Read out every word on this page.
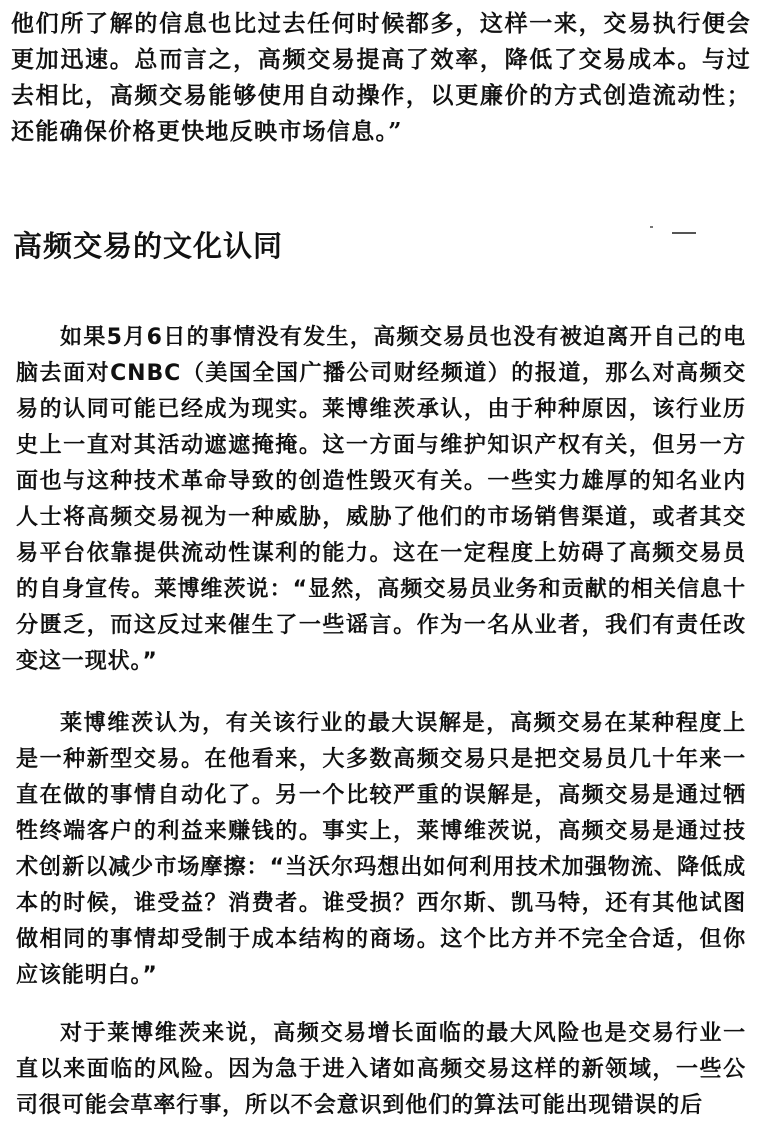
他们所了解的信息也比过去任何时候都多，这样一来，交易执行便会更加迅速。总而言之，高频交易提高了效率，降低了交易成本。与过去相比，高频交易能够使用自动操作，以更廉价的方式创造流动性；还能确保价格更快地反映市场信息。”

高频交易的文化认同

如果5月6日的事情没有发生，高频交易员也没有被迫离开自己的电脑去面对CNBC（美国全国广播公司财经频道）的报道，那么对高频交易的认同可能已经成为现实。莱博维茨承认，由于种种原因，该行业历史上一直对其活动遮遮掩掩。这一方面与维护知识产权有关，但另一方面也与这种技术革命导致的创造性毁灭有关。一些实力雄厚的知名业内人士将高频交易视为一种威胁，威胁了他们的市场销售渠道，或者其交易平台依靠提供流动性谋利的能力。这在一定程度上妨碍了高频交易员的自身宣传。莱博维茨说：“显然，高频交易员业务和贡献的相关信息十分匮乏，而这反过来催生了一些谣言。作为一名从业者，我们有责任改变这一现状。”

莱博维茨认为，有关该行业的最大误解是，高频交易在某种程度上是一种新型交易。在他看来，大多数高频交易只是把交易员几十年来一直在做的事情自动化了。另一个比较严重的误解是，高频交易是通过牺牲终端客户的利益来赚钱的。事实上，莱博维茨说，高频交易是通过技术创新以减少市场摩擦：“当沃尔玛想出如何利用技术加强物流、降低成本的时候，谁受益？消费者。谁受损？西尔斯、凯马特，还有其他试图做相同的事情却受制于成本结构的商场。这个比方并不完全合适，但你应该能明白。”

对于莱博维茨来说，高频交易增长面临的最大风险也是交易行业一直以来面临的风险。因为急于进入诸如高频交易这样的新领域，一些公司很可能会草率行事，所以不会意识到他们的算法可能出现错误的后
